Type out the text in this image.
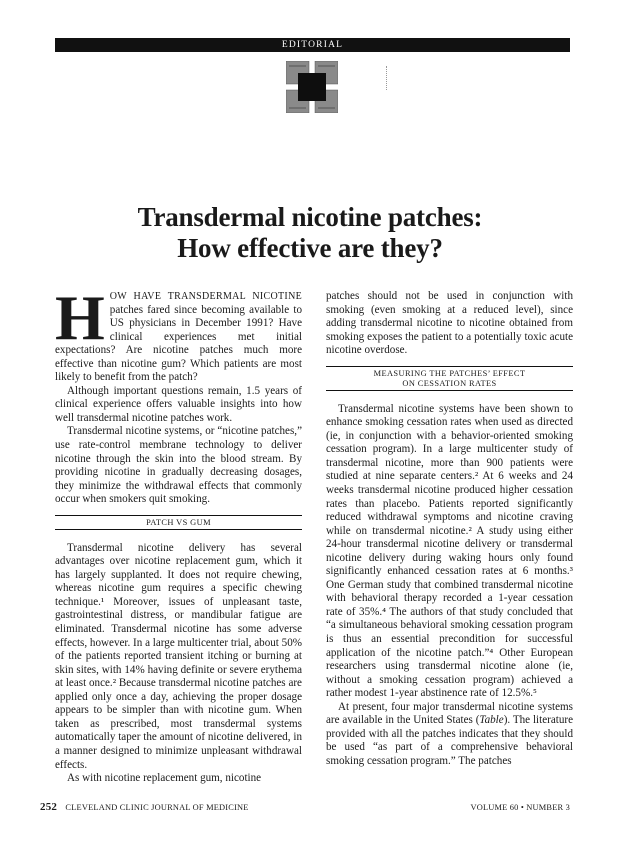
EDITORIAL
Transdermal nicotine patches:
How effective are they?

HOW HAVE TRANSDERMAL NICOTINE patches fared since becoming available to US physicians in December 1991? Have clinical experiences met initial expectations? Are nicotine patches much more effective than nicotine gum? Which patients are most likely to benefit from the patch?

Although important questions remain, 1.5 years of clinical experience offers valuable insights into how well transdermal nicotine patches work.

Transdermal nicotine systems, or “nicotine patches,” use rate-control membrane technology to deliver nicotine through the skin into the blood stream. By providing nicotine in gradually decreasing dosages, they minimize the withdrawal effects that commonly occur when smokers quit smoking.

PATCH VS GUM

Transdermal nicotine delivery has several advantages over nicotine replacement gum, which it has largely supplanted. It does not require chewing, whereas nicotine gum requires a specific chewing technique.¹ Moreover, issues of unpleasant taste, gastrointestinal distress, or mandibular fatigue are eliminated. Transdermal nicotine has some adverse effects, however. In a large multicenter trial, about 50% of the patients reported transient itching or burning at skin sites, with 14% having definite or severe erythema at least once.² Because transdermal nicotine patches are applied only once a day, achieving the proper dosage appears to be simpler than with nicotine gum. When taken as prescribed, most transdermal systems automatically taper the amount of nicotine delivered, in a manner designed to minimize unpleasant withdrawal effects.

As with nicotine replacement gum, nicotine

patches should not be used in conjunction with smoking (even smoking at a reduced level), since adding transdermal nicotine to nicotine obtained from smoking exposes the patient to a potentially toxic acute nicotine overdose.

MEASURING THE PATCHES’ EFFECT
ON CESSATION RATES

Transdermal nicotine systems have been shown to enhance smoking cessation rates when used as directed (ie, in conjunction with a behavior-oriented smoking cessation program). In a large multicenter study of transdermal nicotine, more than 900 patients were studied at nine separate centers.² At 6 weeks and 24 weeks transdermal nicotine produced higher cessation rates than placebo. Patients reported significantly reduced withdrawal symptoms and nicotine craving while on transdermal nicotine.² A study using either 24-hour transdermal nicotine delivery or transdermal nicotine delivery during waking hours only found significantly enhanced cessation rates at 6 months.³ One German study that combined transdermal nicotine with behavioral therapy recorded a 1-year cessation rate of 35%.⁴ The authors of that study concluded that “a simultaneous behavioral smoking cessation program is thus an essential precondition for successful application of the nicotine patch.”⁴ Other European researchers using transdermal nicotine alone (ie, without a smoking cessation program) achieved a rather modest 1-year abstinence rate of 12.5%.⁵

At present, four major transdermal nicotine systems are available in the United States (Table). The literature provided with all the patches indicates that they should be used “as part of a comprehensive behavioral smoking cessation program.” The patches

252 CLEVELAND CLINIC JOURNAL OF MEDICINE	VOLUME 60 • NUMBER 3
